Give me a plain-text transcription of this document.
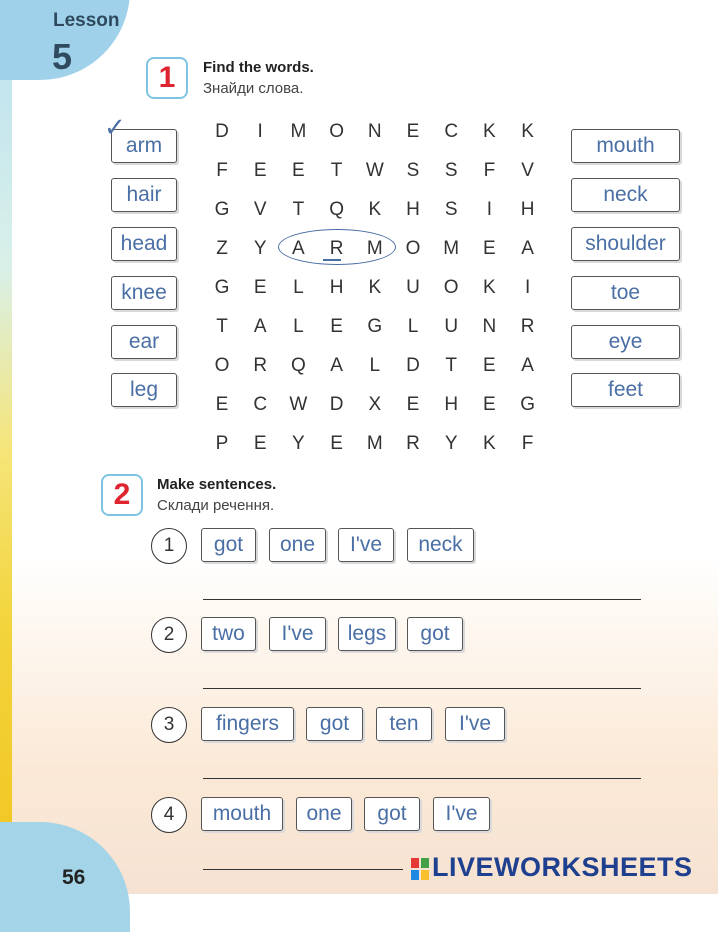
Lesson
5
1	Find the words.
Знайди слова.
arm
hair
head
knee
ear
leg
✓
mouth
neck
shoulder
toe
eye
feet
D	I	M	O	N	E	C	K	K
F	E	E	T	W	S	S	F	V
G	V	T	Q	K	H	S	I	H
Z	Y	A	R	M	O	M	E	A
G	E	L	H	K	U	O	K	I
T	A	L	E	G	L	U	N	R
O	R	Q	A	L	D	T	E	A
E	C	W	D	X	E	H	E	G
P	E	Y	E	M	R	Y	K	F
2	Make sentences.
Склади речення.
1	got	one	I've	neck
2	two	I've	legs	got
3	fingers	got	ten	I've
4	mouth	one	got	I've
56	LIVEWORKSHEETS
